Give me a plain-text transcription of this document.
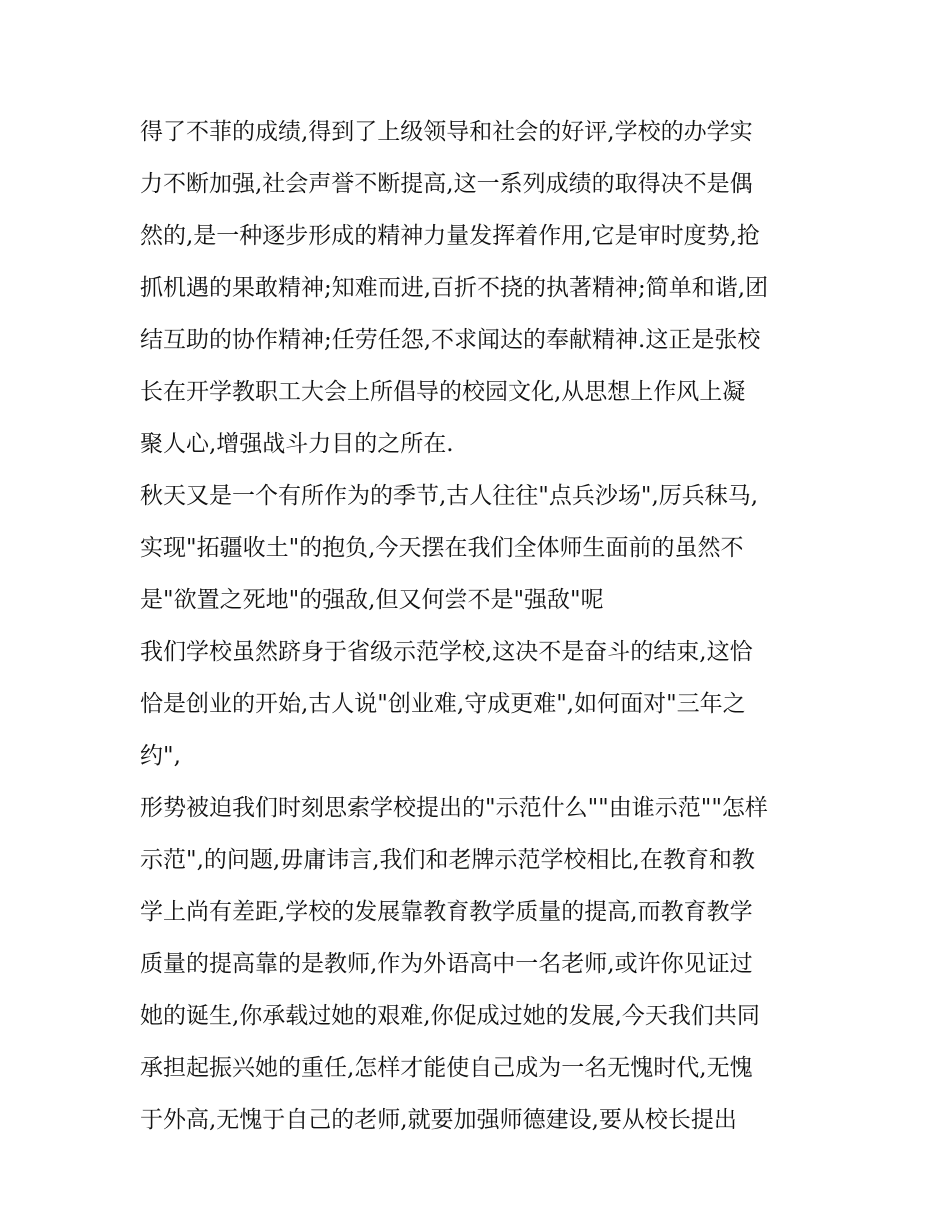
得了不菲的成绩,得到了上级领导和社会的好评,学校的办学实
力不断加强,社会声誉不断提高,这一系列成绩的取得决不是偶
然的,是一种逐步形成的精神力量发挥着作用,它是审时度势,抢
抓机遇的果敢精神;知难而进,百折不挠的执著精神;简单和谐,团
结互助的协作精神;任劳任怨,不求闻达的奉献精神.这正是张校
长在开学教职工大会上所倡导的校园文化,从思想上作风上凝
聚人心,增强战斗力目的之所在.
秋天又是一个有所作为的季节,古人往往"点兵沙场",厉兵秣马,
实现"拓疆收土"的抱负,今天摆在我们全体师生面前的虽然不
是"欲置之死地"的强敌,但又何尝不是"强敌"呢
我们学校虽然跻身于省级示范学校,这决不是奋斗的结束,这恰
恰是创业的开始,古人说"创业难,守成更难",如何面对"三年之
约",
形势被迫我们时刻思索学校提出的"示范什么""由谁示范""怎样
示范",的问题,毋庸讳言,我们和老牌示范学校相比,在教育和教
学上尚有差距,学校的发展靠教育教学质量的提高,而教育教学
质量的提高靠的是教师,作为外语高中一名老师,或许你见证过
她的诞生,你承载过她的艰难,你促成过她的发展,今天我们共同
承担起振兴她的重任,怎样才能使自己成为一名无愧时代,无愧
于外高,无愧于自己的老师,就要加强师德建设,要从校长提出
